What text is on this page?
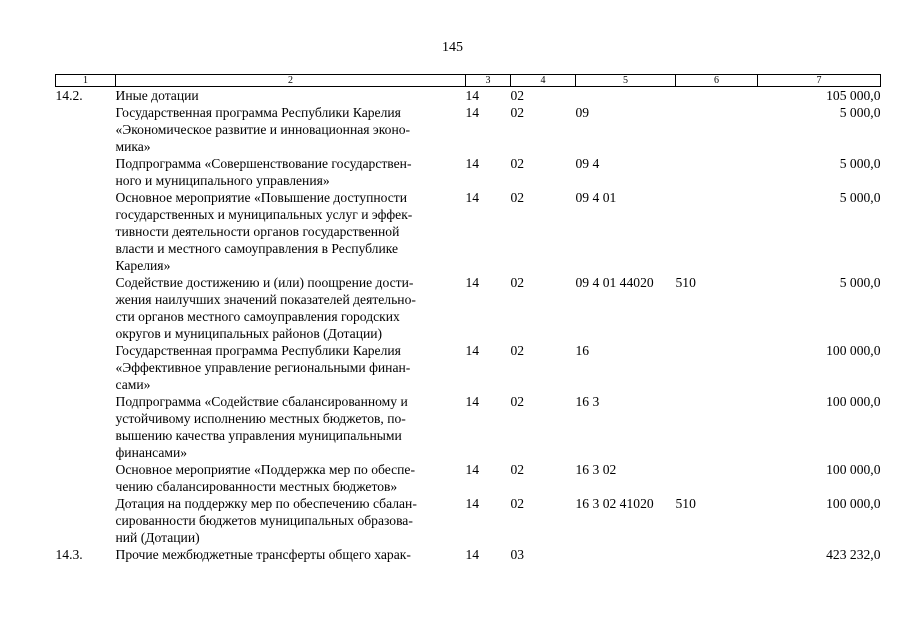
145
1	2	3	4	5	6	7
14.2.	Иные дотации	14	02			105 000,0

	Государственная программа Республики Карелия
«Экономическое развитие и инновационная эконо-
мика»	14	02	09		5 000,0

	Подпрограмма «Совершенствование государствен-
ного и муниципального управления»	14	02	09 4		5 000,0

	Основное мероприятие «Повышение доступности
государственных и муниципальных услуг и эффек-
тивности деятельности органов государственной
власти и местного самоуправления в Республике
Карелия»	14	02	09 4 01		5 000,0

	Содействие достижению и (или) поощрение дости-
жения наилучших значений показателей деятельно-
сти органов местного самоуправления городских
округов и муниципальных районов (Дотации)	14	02	09 4 01 44020	510	5 000,0

	Государственная программа Республики Карелия
«Эффективное управление региональными финан-
сами»	14	02	16		100 000,0

	Подпрограмма «Содействие сбалансированному и
устойчивому исполнению местных бюджетов, по-
вышению качества управления муниципальными
финансами»	14	02	16 3		100 000,0

	Основное мероприятие «Поддержка мер по обеспе-
чению сбалансированности местных бюджетов»	14	02	16 3 02		100 000,0

	Дотация на поддержку мер по обеспечению сбалан-
сированности бюджетов муниципальных образова-
ний (Дотации)	14	02	16 3 02 41020	510	100 000,0
14.3.	Прочие межбюджетные трансферты общего харак-	14	03			423 232,0
